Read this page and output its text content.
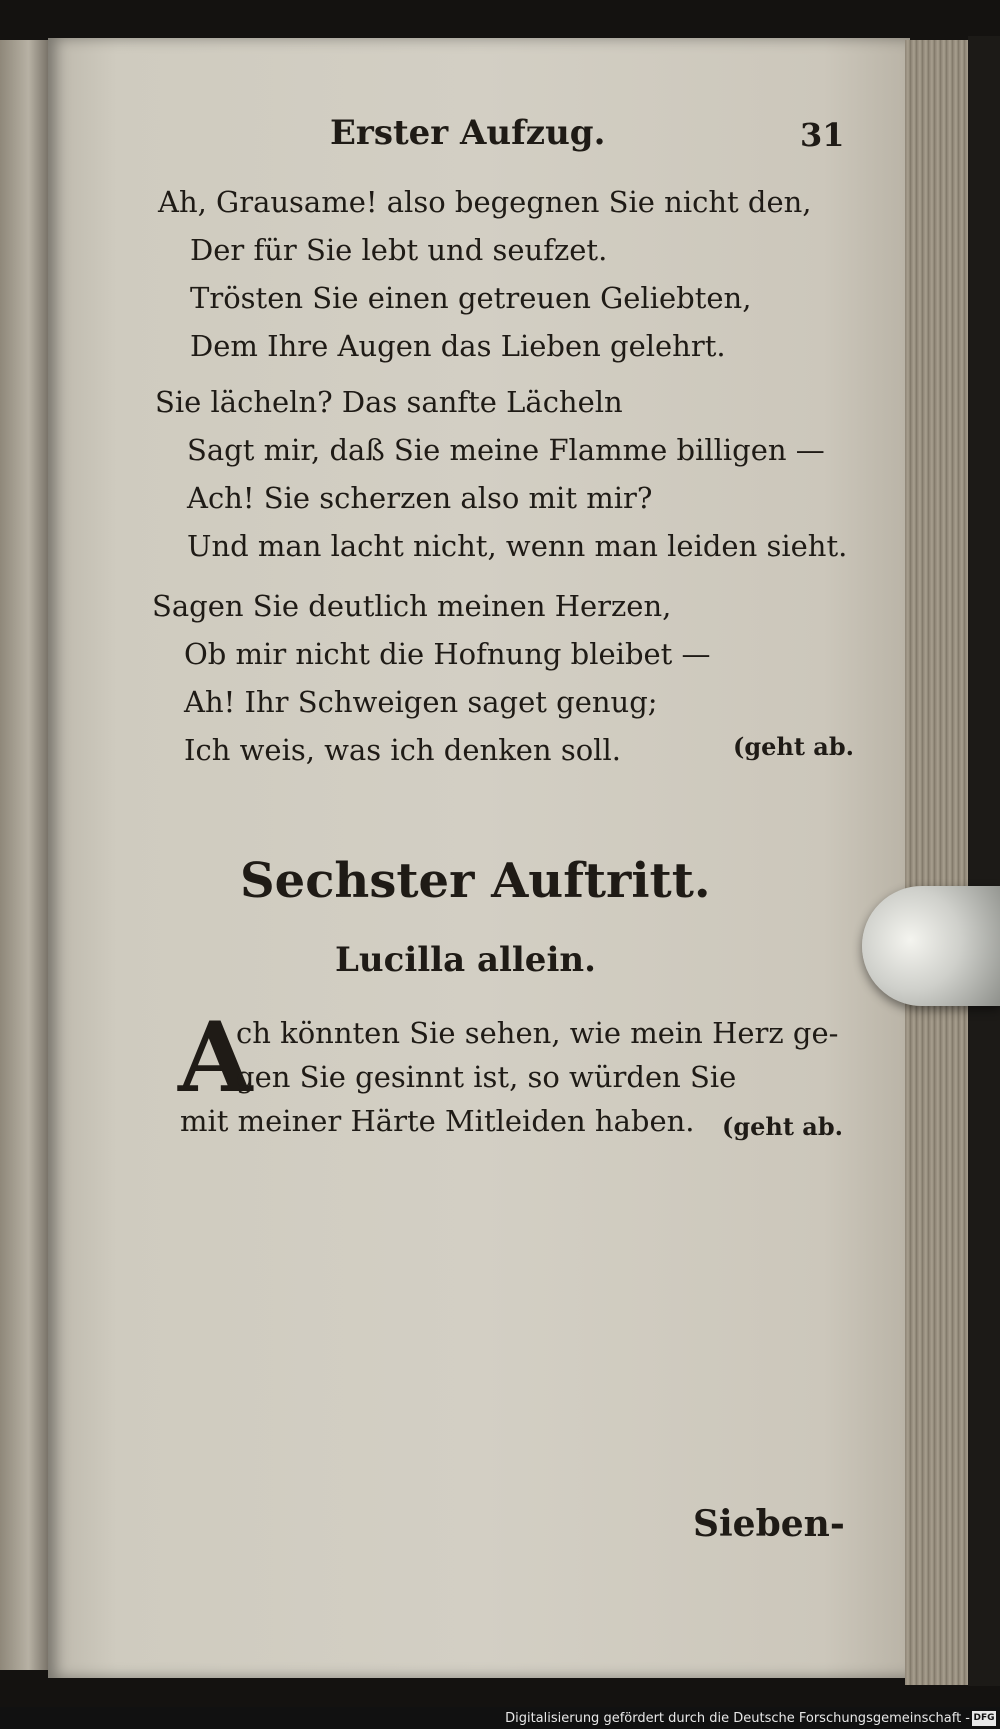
Erster Aufzug.	31
Ah, Grausame! also begegnen Sie nicht den,
Der für Sie lebt und seufzet.
Trösten Sie einen getreuen Geliebten,
Dem Ihre Augen das Lieben gelehrt.
Sie lächeln? Das sanfte Lächeln
Sagt mir, daß Sie meine Flamme billigen —
Ach! Sie scherzen also mit mir?
Und man lacht nicht, wenn man leiden sieht.
Sagen Sie deutlich meinen Herzen,
Ob mir nicht die Hofnung bleibet —
Ah! Ihr Schweigen saget genug;
Ich weis, was ich denken soll.	(geht ab.
Sechster Auftritt.
Lucilla allein.
A
ch könnten Sie sehen, wie mein Herz ge-
gen Sie gesinnt ist, so würden Sie
mit meiner Härte Mitleiden haben. (geht ab.
Sieben-
Digitalisierung gefördert durch die Deutsche Forschungsgemeinschaft - DFG
